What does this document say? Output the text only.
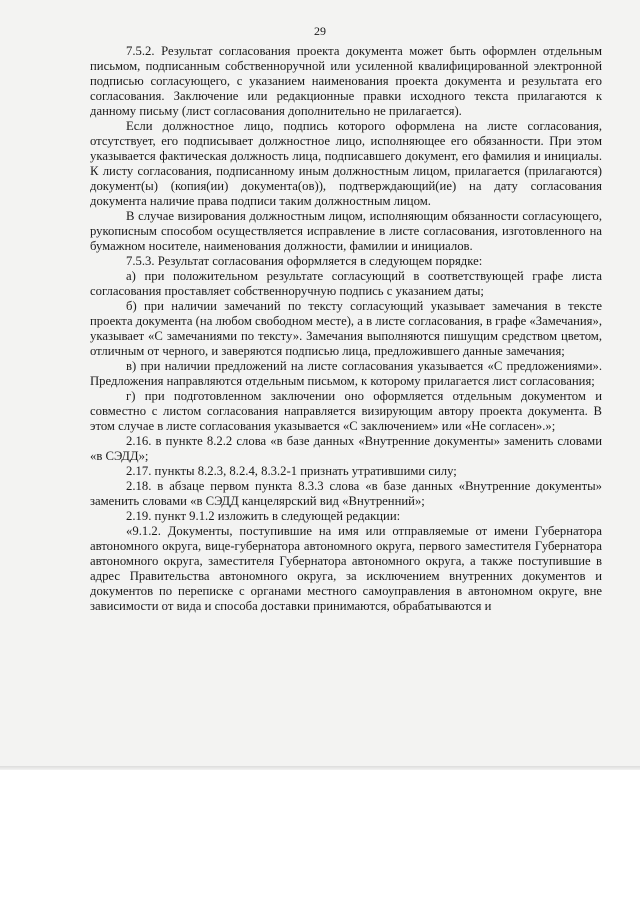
29

7.5.2. Результат согласования проекта документа может быть оформлен отдельным письмом, подписанным собственноручной или усиленной квалифицированной электронной подписью согласующего, с указанием наименования проекта документа и результата его согласования. Заключение или редакционные правки исходного текста прилагаются к данному письму (лист согласования дополнительно не прилагается).

Если должностное лицо, подпись которого оформлена на листе согласования, отсутствует, его подписывает должностное лицо, исполняющее его обязанности. При этом указывается фактическая должность лица, подписавшего документ, его фамилия и инициалы. К листу согласования, подписанному иным должностным лицом, прилагается (прилагаются) документ(ы) (копия(ии) документа(ов)), подтверждающий(ие) на дату согласования документа наличие права подписи таким должностным лицом.

В случае визирования должностным лицом, исполняющим обязанности согласующего, рукописным способом осуществляется исправление в листе согласования, изготовленного на бумажном носителе, наименования должности, фамилии и инициалов.

7.5.3. Результат согласования оформляется в следующем порядке:

а) при положительном результате согласующий в соответствующей графе листа согласования проставляет собственноручную подпись с указанием даты;

б) при наличии замечаний по тексту согласующий указывает замечания в тексте проекта документа (на любом свободном месте), а в листе согласования, в графе «Замечания», указывает «С замечаниями по тексту». Замечания выполняются пишущим средством цветом, отличным от черного, и заверяются подписью лица, предложившего данные замечания;

в) при наличии предложений на листе согласования указывается «С предложениями». Предложения направляются отдельным письмом, к которому прилагается лист согласования;

г) при подготовленном заключении оно оформляется отдельным документом и совместно с листом согласования направляется визирующим автору проекта документа. В этом случае в листе согласования указывается «С заключением» или «Не согласен».»;

2.16. в пункте 8.2.2 слова «в базе данных «Внутренние документы» заменить словами «в СЭДД»;

2.17. пункты 8.2.3, 8.2.4, 8.3.2-1 признать утратившими силу;

2.18. в абзаце первом пункта 8.3.3 слова «в базе данных «Внутренние документы» заменить словами «в СЭДД канцелярский вид «Внутренний»;

2.19. пункт 9.1.2 изложить в следующей редакции:

«9.1.2. Документы, поступившие на имя или отправляемые от имени Губернатора автономного округа, вице-губернатора автономного округа, первого заместителя Губернатора автономного округа, заместителя Губернатора автономного округа, а также поступившие в адрес Правительства автономного округа, за исключением внутренних документов и документов по переписке с органами местного самоуправления в автономном округе, вне зависимости от вида и способа доставки принимаются, обрабатываются и
